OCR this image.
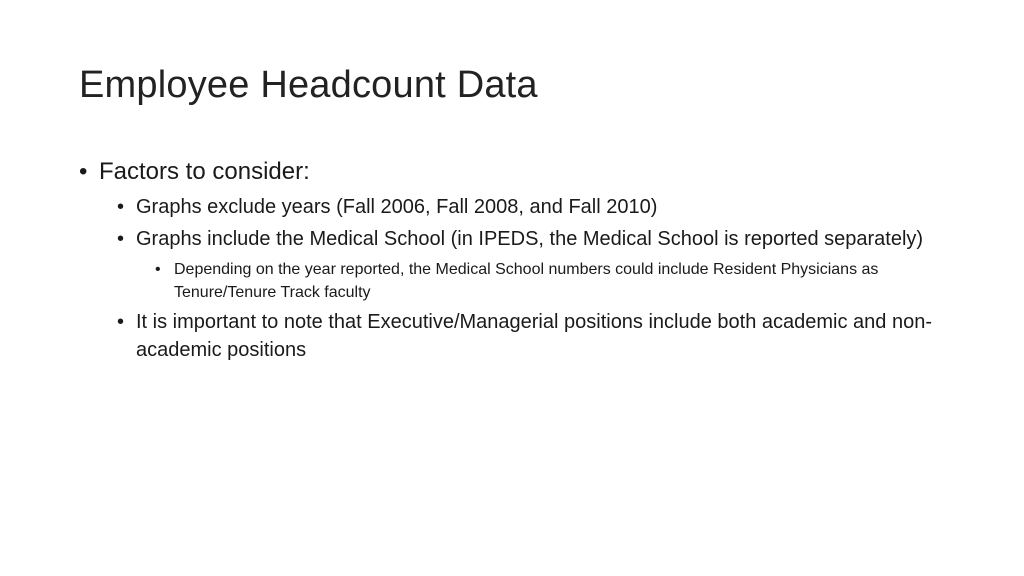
Employee Headcount Data
• Factors to consider:
• Graphs exclude years (Fall 2006, Fall 2008, and Fall 2010)
• Graphs include the Medical School (in IPEDS, the Medical School is reported separately)
• Depending on the year reported, the Medical School numbers could include Resident Physicians as Tenure/Tenure Track faculty
• It is important to note that Executive/Managerial positions include both academic and non-academic positions
